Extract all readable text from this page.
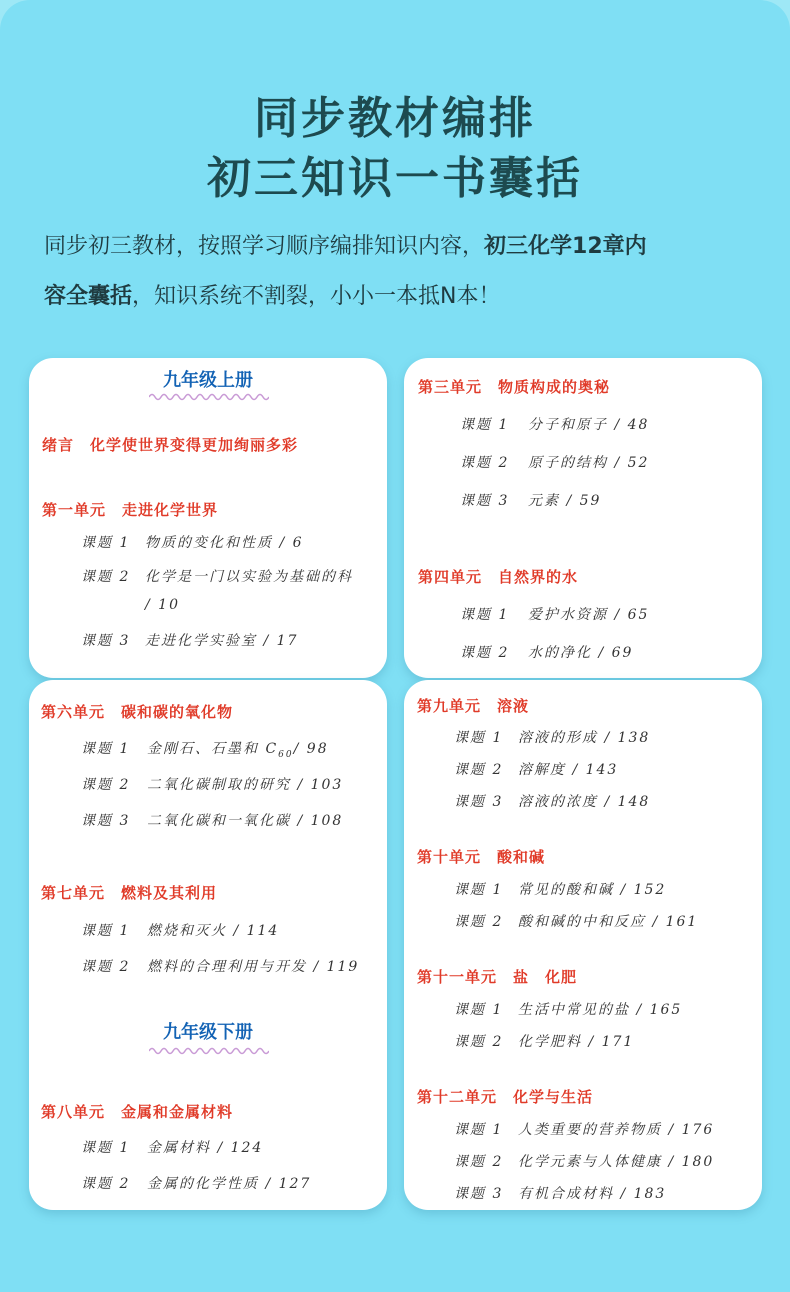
同步教材编排
初三知识一书囊括
同步初三教材，按照学习顺序编排知识内容，初三化学12章内
容全囊括，知识系统不割裂，小小一本抵N本！
九年级上册
绪言　化学使世界变得更加绚丽多彩
第一单元　走进化学世界
课题 1 物质的变化和性质 / 6
课题 2 化学是一门以实验为基础的科
/ 10
课题 3 走进化学实验室 / 17
第三单元　物质构成的奥秘
课题 1 分子和原子 / 48
课题 2 原子的结构 / 52
课题 3 元素 / 59
第四单元　自然界的水
课题 1 爱护水资源 / 65
课题 2 水的净化 / 69
第六单元　碳和碳的氧化物
课题 1 金刚石、石墨和 $C_{60}/$ 98
课题 2 二氧化碳制取的研究 / 103
课题 3 二氧化碳和一氧化碳 / 108
第七单元　燃料及其利用
课题 1 燃烧和灭火 / 114
课题 2 燃料的合理利用与开发 / 119
九年级下册
第八单元　金属和金属材料
课题 1 金属材料 / 124
课题 2 金属的化学性质 / 127
第九单元　溶液
课题 1 溶液的形成 / 138
课题 2 溶解度 / 143
课题 3 溶液的浓度 / 148
第十单元　酸和碱
课题 1 常见的酸和碱 / 152
课题 2 酸和碱的中和反应 / 161
第十一单元　盐　化肥
课题 1 生活中常见的盐 / 165
课题 2 化学肥料 / 171
第十二单元　化学与生活
课题 1 人类重要的营养物质 / 176
课题 2 化学元素与人体健康 / 180
课题 3 有机合成材料 / 183
